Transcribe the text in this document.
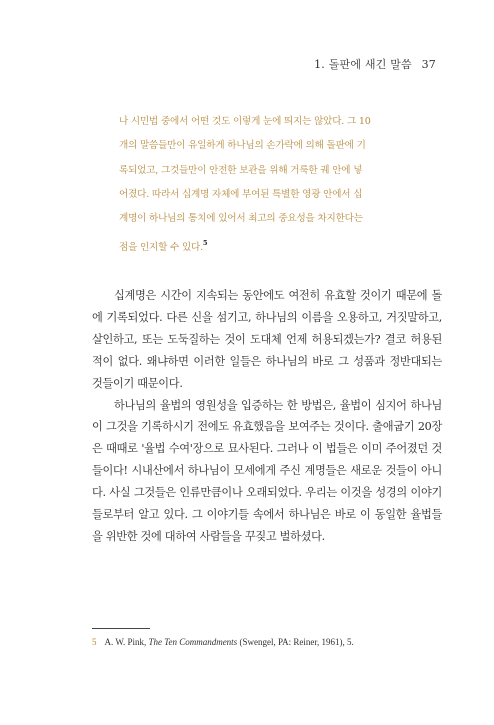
1. 돌판에 새긴 말씀 37

나 시민법 중에서 어떤 것도 이렇게 눈에 띄지는 않았다. 그 10

개의 말씀들만이 유일하게 하나님의 손가락에 의해 돌판에 기

록되었고, 그것들만이 안전한 보관을 위해 거룩한 궤 안에 넣

어졌다. 따라서 십계명 자체에 부여된 특별한 영광 안에서 십

계명이 하나님의 통치에 있어서 최고의 중요성을 차지한다는

점을 인지할 수 있다.$^5$

십계명은 시간이 지속되는 동안에도 여전히 유효할 것이기 때문에 돌에 기록되었다. 다른 신을 섬기고, 하나님의 이름을 오용하고, 거짓말하고, 살인하고, 또는 도둑질하는 것이 도대체 언제 허용되겠는가? 결코 허용된 적이 없다. 왜냐하면 이러한 일들은 하나님의 바로 그 성품과 정반대되는 것들이기 때문이다.

하나님의 율법의 영원성을 입증하는 한 방법은, 율법이 심지어 하나님이 그것을 기록하시기 전에도 유효했음을 보여주는 것이다. 출애굽기 20장은 때때로 '율법 수여'장으로 묘사된다. 그러나 이 법들은 이미 주어졌던 것들이다! 시내산에서 하나님이 모세에게 주신 계명들은 새로운 것들이 아니다. 사실 그것들은 인류만큼이나 오래되었다. 우리는 이것을 성경의 이야기들로부터 알고 있다. 그 이야기들 속에서 하나님은 바로 이 동일한 율법들을 위반한 것에 대하여 사람들을 꾸짖고 벌하셨다.

5 A. W. Pink, The Ten Commandments (Swengel, PA: Reiner, 1961), 5.
